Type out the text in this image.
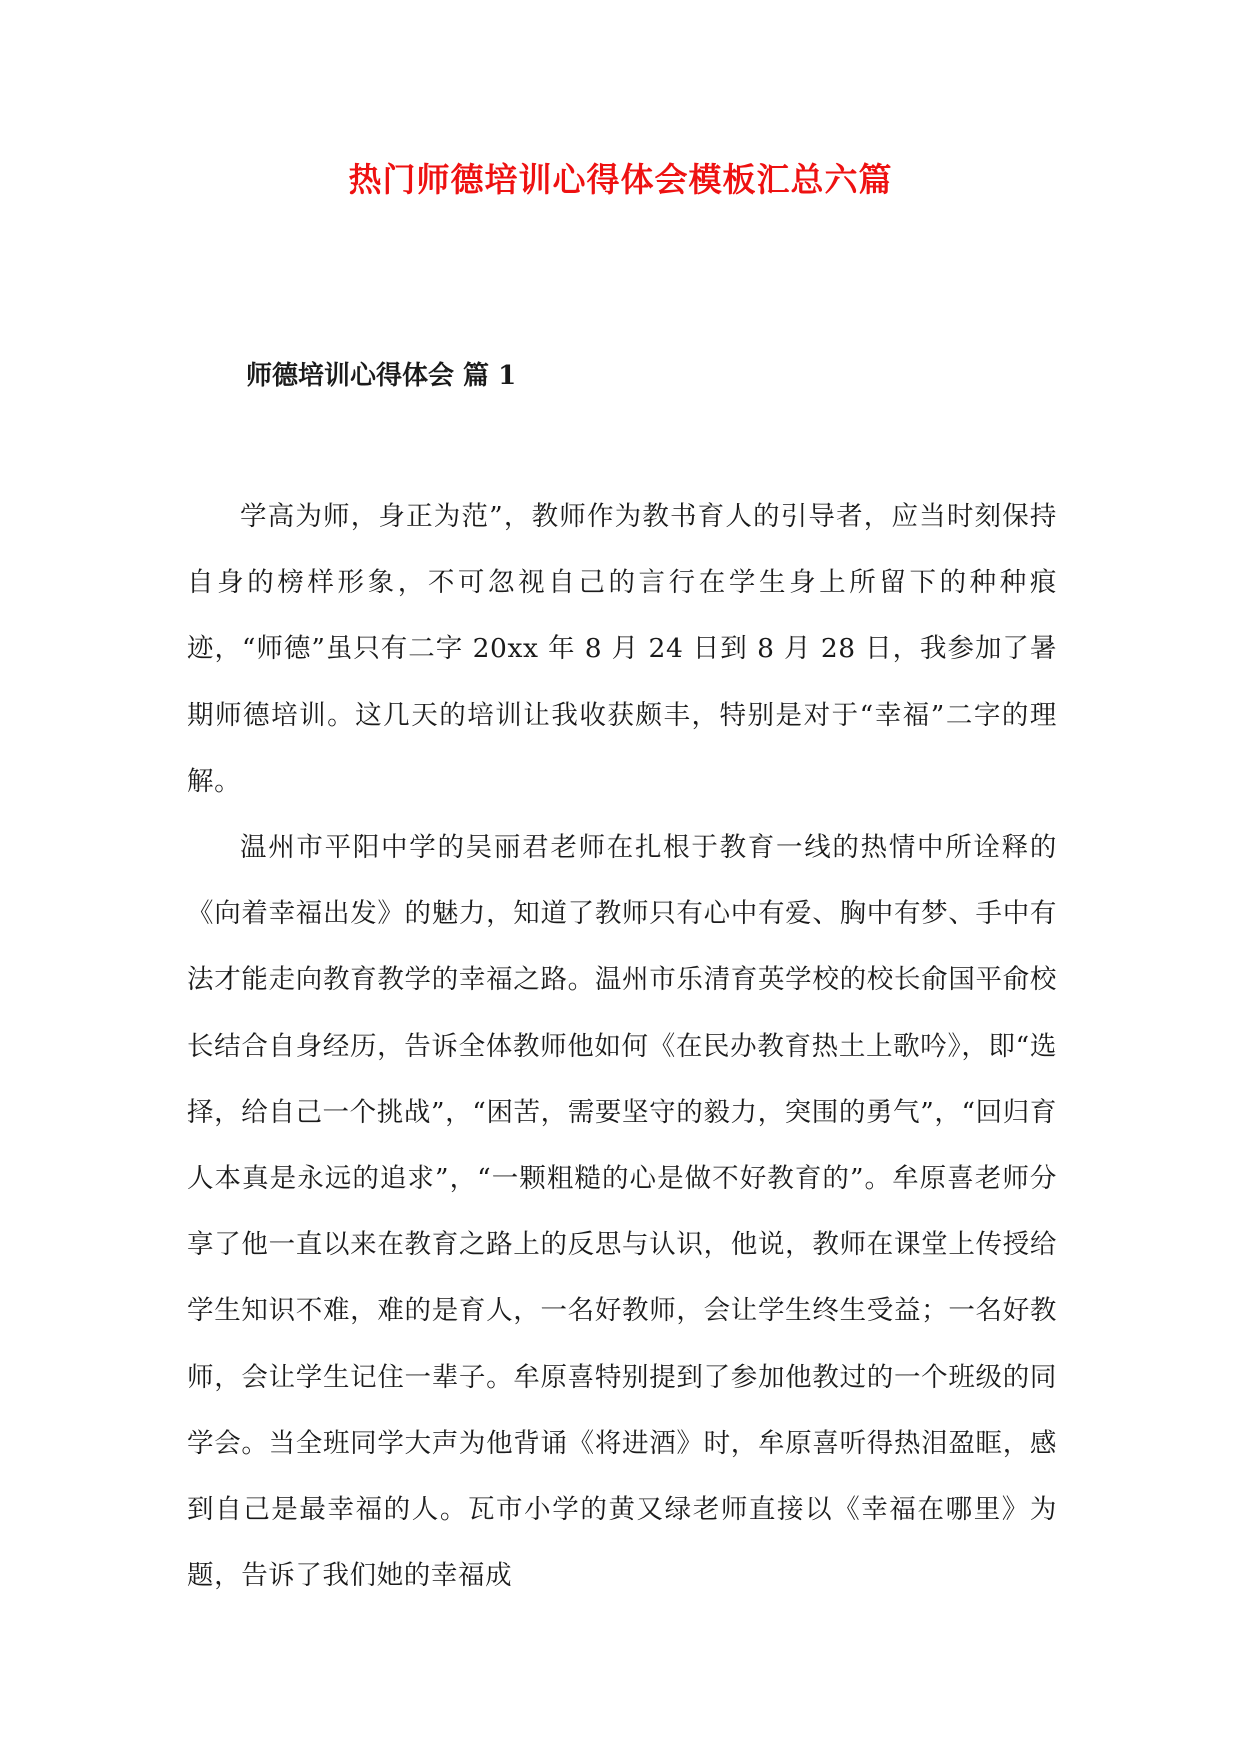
热门师德培训心得体会模板汇总六篇
师德培训心得体会 篇 1

学高为师，身正为范”，教师作为教书育人的引导者，应当时刻保持自身的榜样形象，不可忽视自己的言行在学生身上所留下的种种痕迹，“师德”虽只有二字 20xx 年 8 月 24 日到 8 月 28 日，我参加了暑期师德培训。这几天的培训让我收获颇丰，特别是对于“幸福”二字的理解。

温州市平阳中学的吴丽君老师在扎根于教育一线的热情中所诠释的《向着幸福出发》的魅力，知道了教师只有心中有爱、胸中有梦、手中有法才能走向教育教学的幸福之路。温州市乐清育英学校的校长俞国平俞校长结合自身经历，告诉全体教师他如何《在民办教育热土上歌吟》，即“选择，给自己一个挑战”，“困苦，需要坚守的毅力，突围的勇气”，“回归育人本真是永远的追求”，“一颗粗糙的心是做不好教育的”。牟原喜老师分享了他一直以来在教育之路上的反思与认识，他说，教师在课堂上传授给学生知识不难，难的是育人，一名好教师，会让学生终生受益；一名好教师，会让学生记住一辈子。牟原喜特别提到了参加他教过的一个班级的同学会。当全班同学大声为他背诵《将进酒》时，牟原喜听得热泪盈眶，感到自己是最幸福的人。瓦市小学的黄又绿老师直接以《幸福在哪里》为题，告诉了我们她的幸福成
